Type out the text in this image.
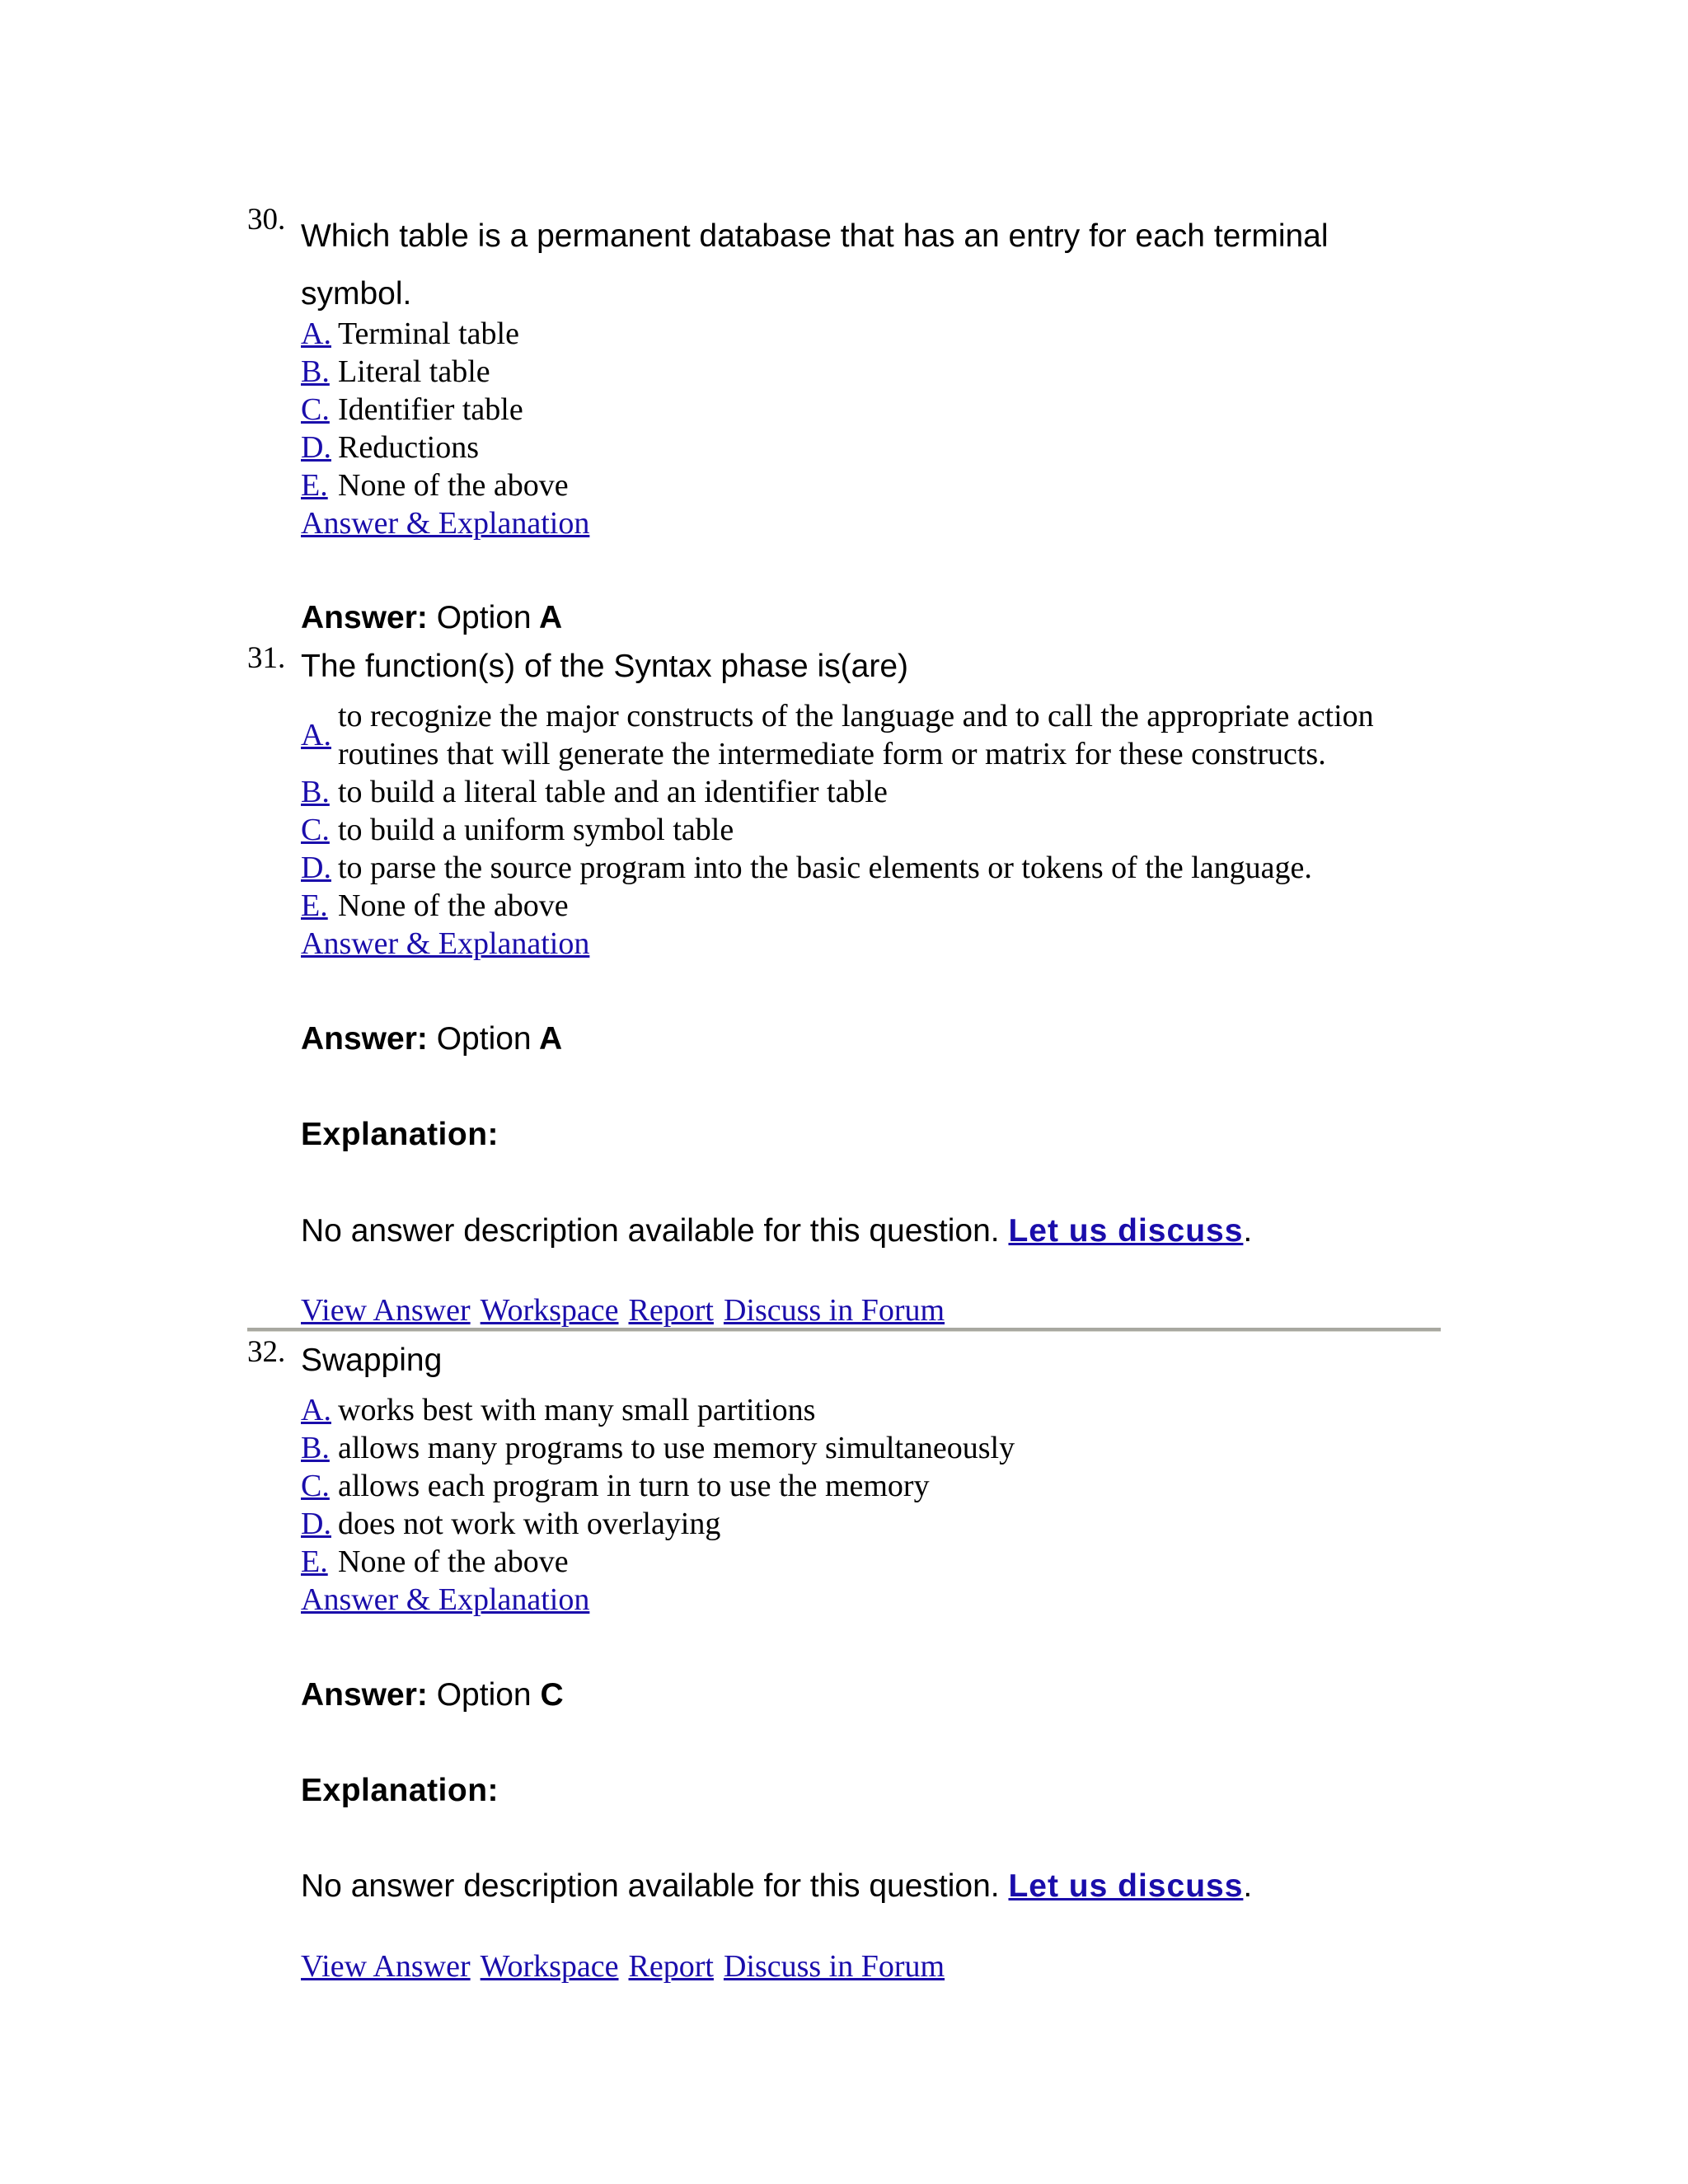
30. Which table is a permanent database that has an entry for each terminal
symbol.
A. Terminal table
B. Literal table
C. Identifier table
D. Reductions
E. None of the above
Answer & Explanation
Answer: Option A
31. The function(s) of the Syntax phase is(are)
A.
to recognize the major constructs of the language and to call the appropriate action
routines that will generate the intermediate form or matrix for these constructs.
B. to build a literal table and an identifier table
C. to build a uniform symbol table
D. to parse the source program into the basic elements or tokens of the language.
E. None of the above
Answer & Explanation
Answer: Option A
Explanation:
No answer description available for this question. Let us discuss.
View Answer Workspace Report Discuss in Forum
32. Swapping
A. works best with many small partitions
B. allows many programs to use memory simultaneously
C. allows each program in turn to use the memory
D. does not work with overlaying
E. None of the above
Answer & Explanation
Answer: Option C
Explanation:
No answer description available for this question. Let us discuss.
View Answer Workspace Report Discuss in Forum
